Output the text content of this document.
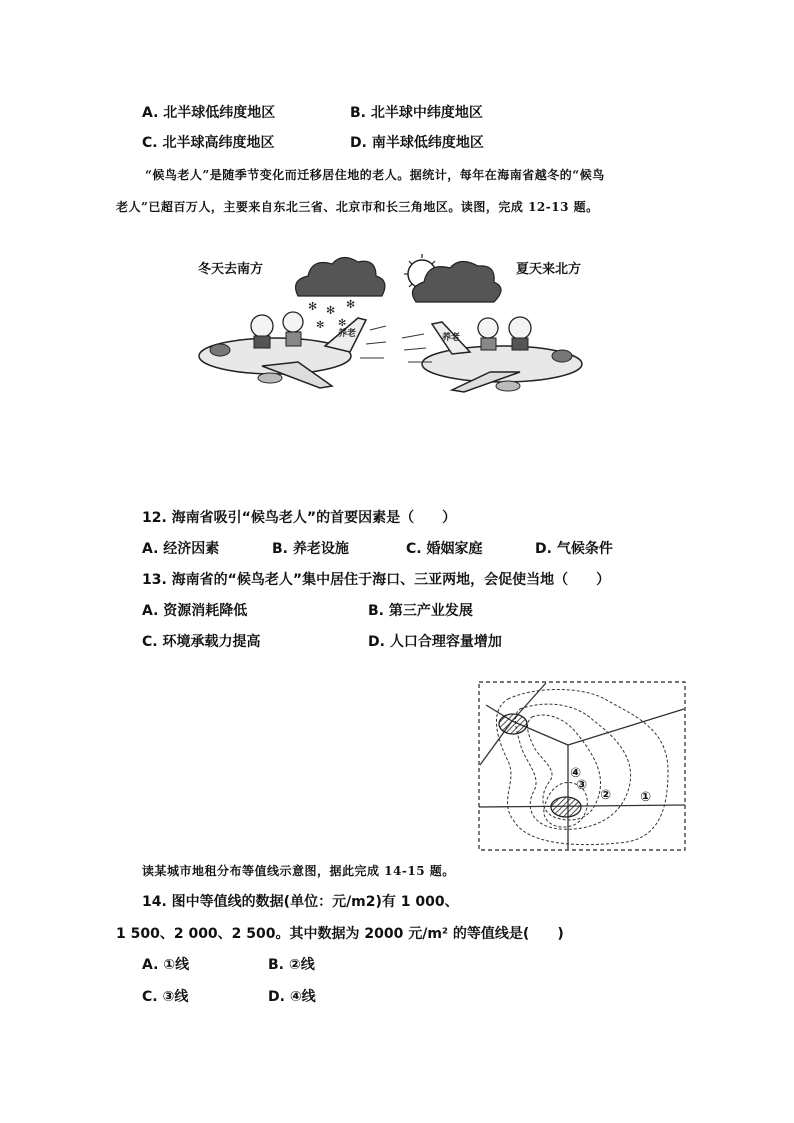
A. 北半球低纬度地区	B. 北半球中纬度地区
C. 北半球高纬度地区	D. 南半球低纬度地区
“候鸟老人”是随季节变化而迁移居住地的老人。据统计，每年在海南省越冬的“候鸟
老人”已超百万人，主要来自东北三省、北京市和长三角地区。读图，完成 12-13 题。
冬天去南方	夏天来北方
✻ ✻ ✻
✻
✻
养老	养老
12. 海南省吸引“候鸟老人”的首要因素是（　　）
A. 经济因素	B. 养老设施	C. 婚姻家庭	D. 气候条件
13. 海南省的“候鸟老人”集中居住于海口、三亚两地，会促使当地（　　）
A. 资源消耗降低	B. 第三产业发展
C. 环境承载力提高	D. 人口合理容量增加
①
②
③
④
读某城市地租分布等值线示意图，据此完成 14-15 题。
14. 图中等值线的数据(单位：元/m2)有 1 000、
1 500、2 000、2 500。其中数据为 2000 元/m² 的等值线是(　　)
A. ①线	B. ②线
C. ③线	D. ④线
